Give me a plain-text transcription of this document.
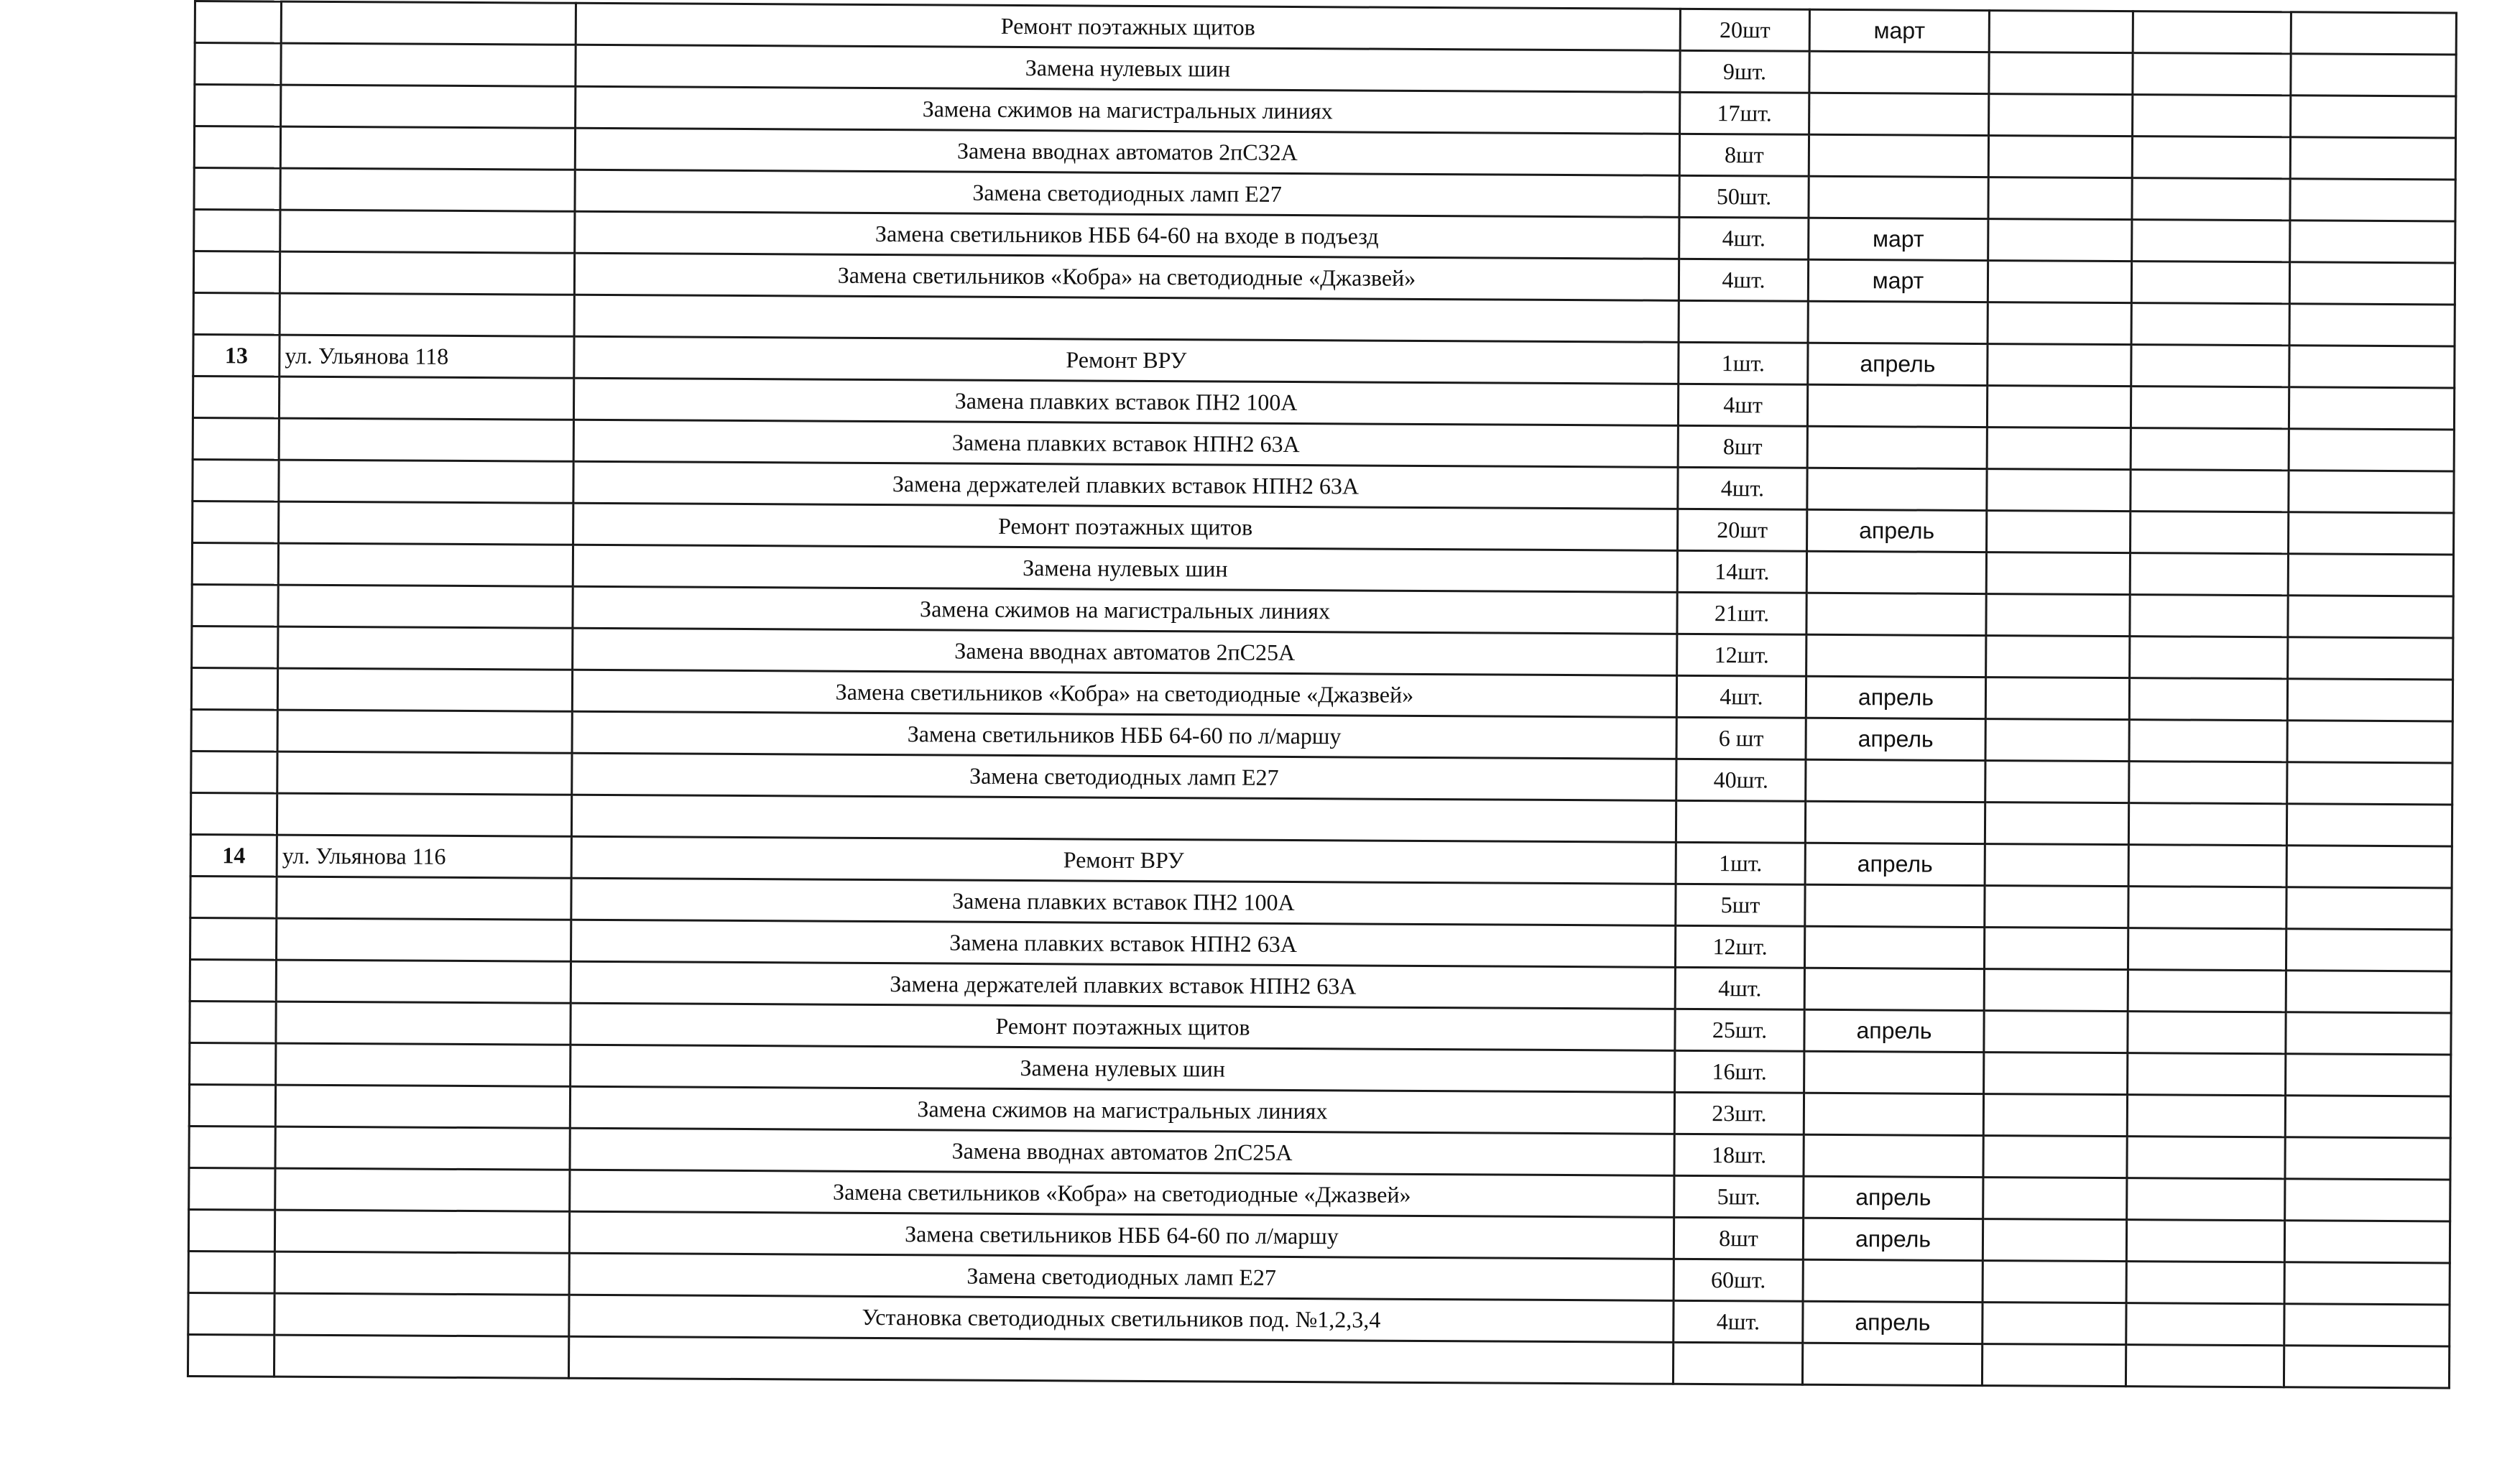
		Ремонт поэтажных щитов	20шт	март			
		Замена нулевых шин	9шт.				
		Замена сжимов на магистральных линиях	17шт.				
		Замена вводнах автоматов 2пС32А	8шт				
		Замена светодиодных ламп Е27	50шт.				
		Замена светильников НББ 64-60 на входе в подъезд	4шт.	март			
		Замена светильников «Кобра» на светодиодные «Джазвей»	4шт.	март			

13	ул. Ульянова 118	Ремонт ВРУ	1шт.	апрель			
		Замена плавких вставок ПН2 100А	4шт				
		Замена плавких вставок НПН2 63А	8шт				
		Замена держателей плавких вставок НПН2 63А	4шт.				
		Ремонт поэтажных щитов	20шт	апрель			
		Замена нулевых шин	14шт.				
		Замена сжимов на магистральных линиях	21шт.				
		Замена вводнах автоматов 2пС25А	12шт.				
		Замена светильников «Кобра» на светодиодные «Джазвей»	4шт.	апрель			
		Замена светильников НББ 64-60 по л/маршу	6 шт	апрель			
		Замена светодиодных ламп Е27	40шт.				

14	ул. Ульянова 116	Ремонт ВРУ	1шт.	апрель			
		Замена плавких вставок ПН2 100А	5шт				
		Замена плавких вставок НПН2 63А	12шт.				
		Замена держателей плавких вставок НПН2 63А	4шт.				
		Ремонт поэтажных щитов	25шт.	апрель			
		Замена нулевых шин	16шт.				
		Замена сжимов на магистральных линиях	23шт.				
		Замена вводнах автоматов 2пС25А	18шт.				
		Замена светильников «Кобра» на светодиодные «Джазвей»	5шт.	апрель			
		Замена светильников НББ 64-60 по л/маршу	8шт	апрель			
		Замена светодиодных ламп Е27	60шт.				
		Установка светодиодных светильников под. №1,2,3,4	4шт.	апрель			
